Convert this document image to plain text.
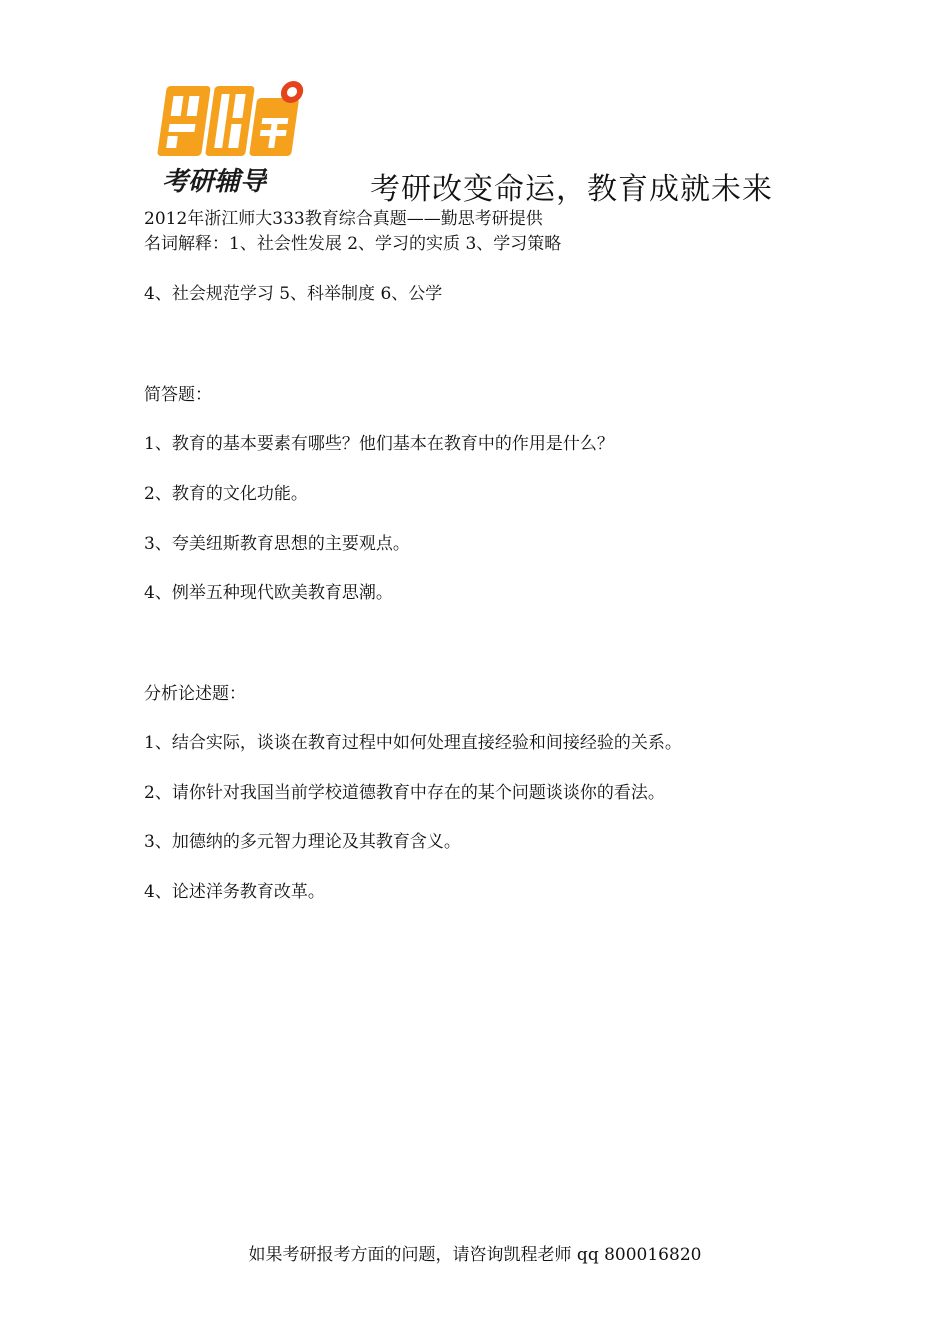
考研辅导	考研改变命运，教育成就未来
2012年浙江师大333教育综合真题——勤思考研提供
名词解释：1、社会性发展 2、学习的实质 3、学习策略
4、社会规范学习 5、科举制度 6、公学
简答题：
1、教育的基本要素有哪些？他们基本在教育中的作用是什么？
2、教育的文化功能。
3、夸美纽斯教育思想的主要观点。
4、例举五种现代欧美教育思潮。
分析论述题：
1、结合实际，谈谈在教育过程中如何处理直接经验和间接经验的关系。
2、请你针对我国当前学校道德教育中存在的某个问题谈谈你的看法。
3、加德纳的多元智力理论及其教育含义。
4、论述洋务教育改革。
如果考研报考方面的问题，请咨询凯程老师 qq 800016820
